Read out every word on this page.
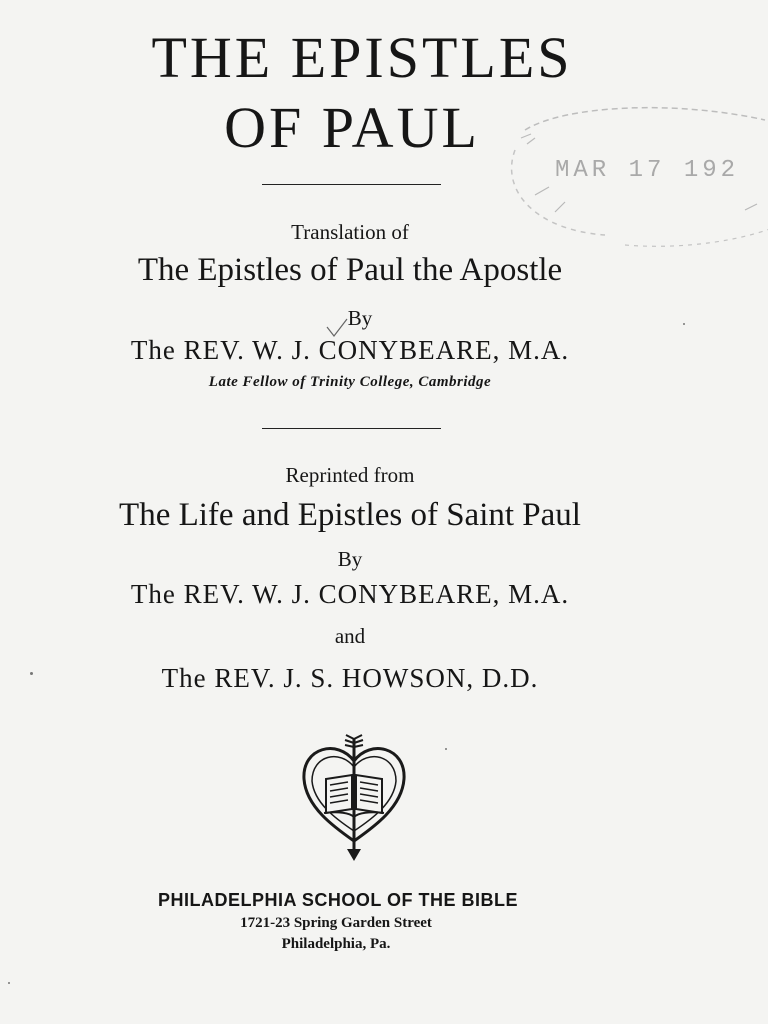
THE EPISTLES
OF PAUL
Translation of
The Epistles of Paul the Apostle
By
The REV. W. J. CONYBEARE, M.A.
Late Fellow of Trinity College, Cambridge
Reprinted from
The Life and Epistles of Saint Paul
By
The REV. W. J. CONYBEARE, M.A.
and
The REV. J. S. HOWSON, D.D.
MAR 17 192
PHILADELPHIA SCHOOL OF THE BIBLE
1721-23 Spring Garden Street
Philadelphia, Pa.
